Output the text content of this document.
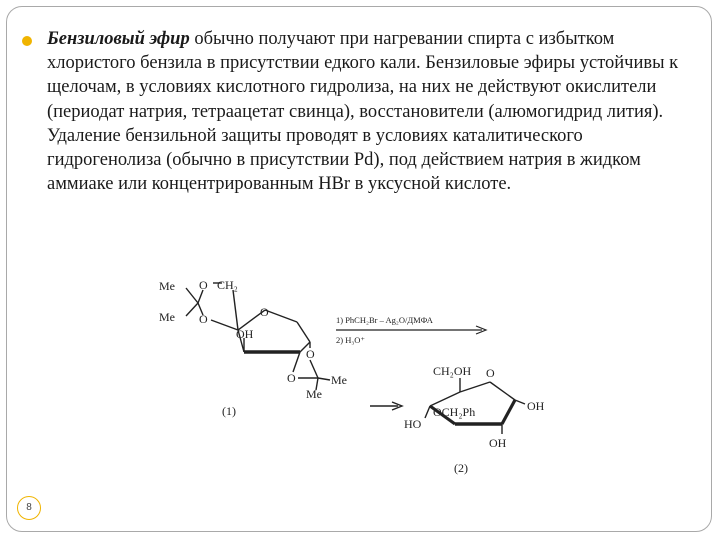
Бензиловый эфир обычно получают при нагревании спирта с избытком хлористого бензила в присутствии едкого кали. Бензиловые эфиры устойчивы к щелочам, в условиях кислотного гидролиза, на них не действуют окислители (периодат натрия, тетраацетат свинца), восстановители (алюмогидрид лития). Удаление бензильной защиты проводят в условиях каталитического гидрогенолиза (обычно в присутствии Pd), под действием натрия в жидком аммиаке или концентрированным HBr в уксусной кислоте.
Me
Me
O CH₂
O	O
OH
O
O	Me
Me
(1)
1) PhCH₂Br – Ag₂O/ДМФА
2) H₃O⁺
CH₂OH O
OCH₂Ph	OH
HO
OH
(2)
8
